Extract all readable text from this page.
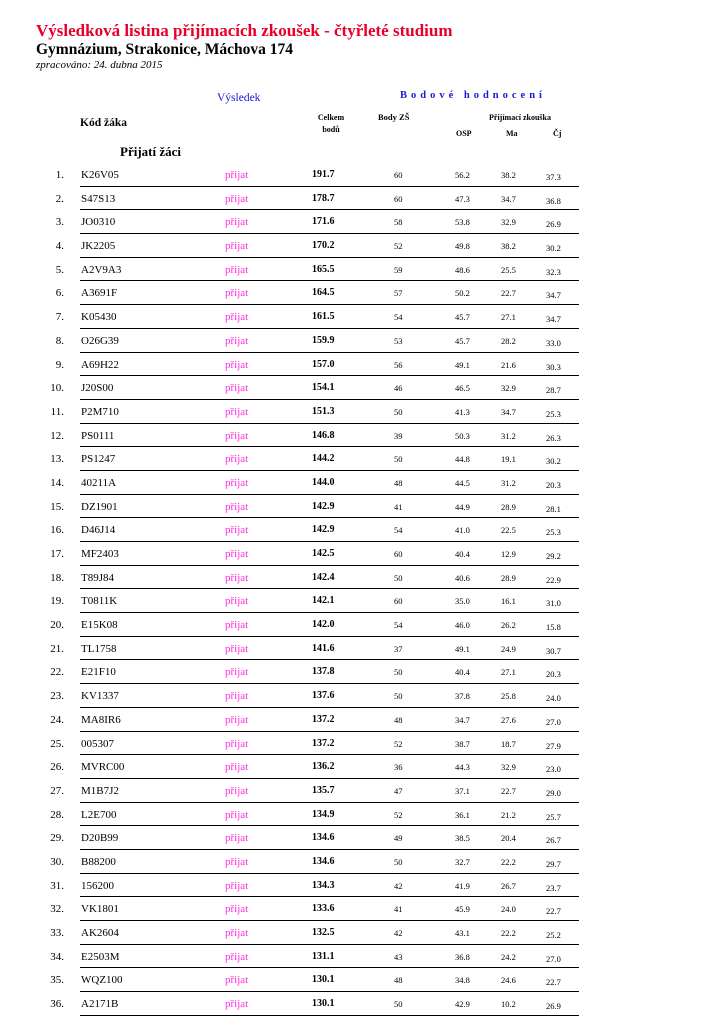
Výsledková listina přijímacích zkoušek - čtyřleté studium
Gymnázium, Strakonice, Máchova 174
zpracováno: 24. dubna 2015
Výsledek	Bodové hodnocení
Kód žáka	Celkem bodů
Body ZŠ	Přijímací zkouška
OSP	Ma	Čj
Přijatí žáci
1. K26V05	přijat	191.7	60	56.2	38.2	37.3
2. S47S13	přijat	178.7	60	47.3	34.7	36.8
3. JO0310	přijat	171.6	58	53.8	32.9	26.9
4. JK2205	přijat	170.2	52	49.8	38.2	30.2
5. A2V9A3	přijat	165.5	59	48.6	25.5	32.3
6. A3691F	přijat	164.5	57	50.2	22.7	34.7
7. K05430	přijat	161.5	54	45.7	27.1	34.7
8. O26G39	přijat	159.9	53	45.7	28.2	33.0
9. A69H22	přijat	157.0	56	49.1	21.6	30.3
10. J20S00	přijat	154.1	46	46.5	32.9	28.7
11. P2M710	přijat	151.3	50	41.3	34.7	25.3
12. PS0111	přijat	146.8	39	50.3	31.2	26.3
13. PS1247	přijat	144.2	50	44.8	19.1	30.2
14. 40211A	přijat	144.0	48	44.5	31.2	20.3
15. DZ1901	přijat	142.9	41	44.9	28.9	28.1
16. D46J14	přijat	142.9	54	41.0	22.5	25.3
17. MF2403	přijat	142.5	60	40.4	12.9	29.2
18. T89J84	přijat	142.4	50	40.6	28.9	22.9
19. T0811K	přijat	142.1	60	35.0	16.1	31.0
20. E15K08	přijat	142.0	54	46.0	26.2	15.8
21. TL1758	přijat	141.6	37	49.1	24.9	30.7
22. E21F10	přijat	137.8	50	40.4	27.1	20.3
23. KV1337	přijat	137.6	50	37.8	25.8	24.0
24. MA8IR6	přijat	137.2	48	34.7	27.6	27.0
25. 005307	přijat	137.2	52	38.7	18.7	27.9
26. MVRC00	přijat	136.2	36	44.3	32.9	23.0
27. M1B7J2	přijat	135.7	47	37.1	22.7	29.0
28. L2E700	přijat	134.9	52	36.1	21.2	25.7
29. D20B99	přijat	134.6	49	38.5	20.4	26.7
30. B88200	přijat	134.6	50	32.7	22.2	29.7
31. 156200	přijat	134.3	42	41.9	26.7	23.7
32. VK1801	přijat	133.6	41	45.9	24.0	22.7
33. AK2604	přijat	132.5	42	43.1	22.2	25.2
34. E2503M	přijat	131.1	43	36.8	24.2	27.0
35. WQZ100	přijat	130.1	48	34.8	24.6	22.7
36. A2171B	přijat	130.1	50	42.9	10.2	26.9
